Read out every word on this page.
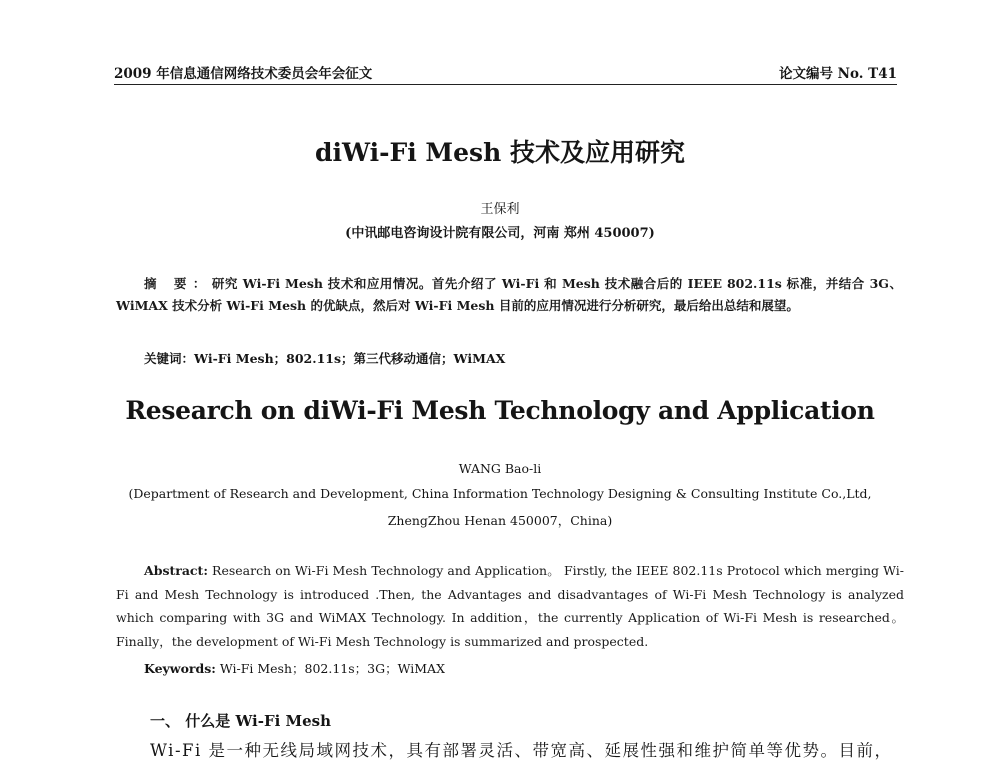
2009 年信息通信网络技术委员会年会征文	论文编号 No. T41
diWi-Fi Mesh 技术及应用研究
王保利
(中讯邮电咨询设计院有限公司，河南 郑州 450007)
摘 要：研究 Wi-Fi Mesh 技术和应用情况。首先介绍了 Wi-Fi 和 Mesh 技术融合后的 IEEE 802.11s 标准，并结合 3G、WiMAX 技术分析 Wi-Fi Mesh 的优缺点，然后对 Wi-Fi Mesh 目前的应用情况进行分析研究，最后给出总结和展望。
关键词：Wi-Fi Mesh；802.11s；第三代移动通信；WiMAX
Research on diWi-Fi Mesh Technology and Application
WANG Bao-li
(Department of Research and Development, China Information Technology Designing & Consulting Institute Co.,Ltd,
ZhengZhou Henan 450007，China)
Abstract: Research on Wi-Fi Mesh Technology and Application。 Firstly, the IEEE 802.11s Protocol which merging Wi-Fi and Mesh Technology is introduced .Then, the Advantages and disadvantages of Wi-Fi Mesh Technology is analyzed which comparing with 3G and WiMAX Technology. In addition，the currently Application of Wi-Fi Mesh is researched。 Finally，the development of Wi-Fi Mesh Technology is summarized and prospected.
Keywords: Wi-Fi Mesh；802.11s；3G；WiMAX
一、 什么是 Wi-Fi Mesh
Wi-Fi 是一种无线局域网技术，具有部署灵活、带宽高、延展性强和维护简单等优势。目前，
